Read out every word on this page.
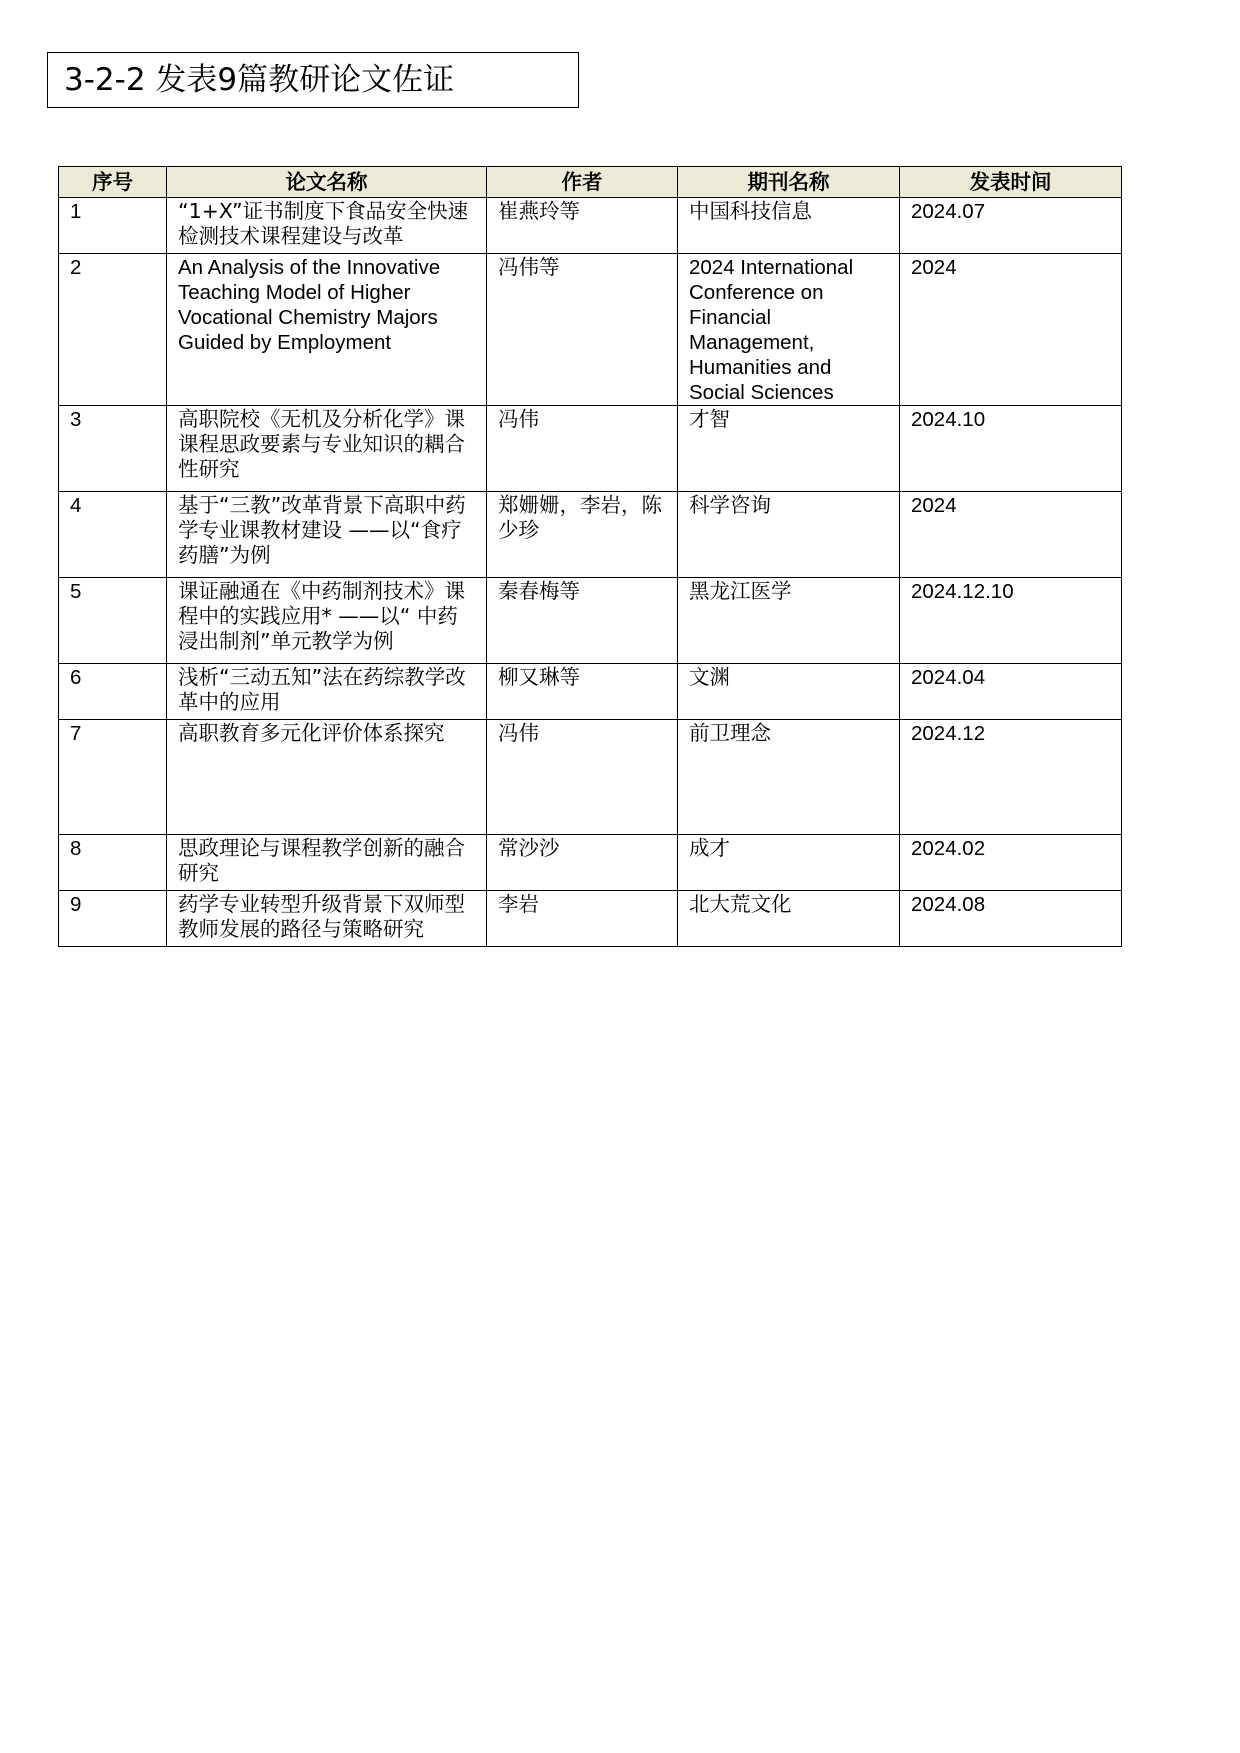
3-2-2 发表9篇教研论文佐证
序号	论文名称	作者	期刊名称	发表时间
1	“1+X”证书制度下食品安全快速检测技术课程建设与改革	崔燕玲等	中国科技信息	2024.07
2	An Analysis of the Innovative Teaching Model of Higher Vocational Chemistry Majors Guided by Employment	冯伟等	2024 International Conference on Financial Management, Humanities and Social Sciences	2024
3	高职院校《无机及分析化学》课课程思政要素与专业知识的耦合性研究	冯伟	才智	2024.10
4	基于“三教”改革背景下高职中药学专业课教材建设 ——以“食疗药膳”为例	郑姗姗，李岩，陈少珍	科学咨询	2024
5	课证融通在《中药制剂技术》课程中的实践应用* ——以“ 中药浸出制剂”单元教学为例	秦春梅等	黑龙江医学	2024.12.10
6	浅析“三动五知”法在药综教学改革中的应用	柳又琳等	文渊	2024.04
7	高职教育多元化评价体系探究	冯伟	前卫理念	2024.12
8	思政理论与课程教学创新的融合研究	常沙沙	成才	2024.02
9	药学专业转型升级背景下双师型教师发展的路径与策略研究	李岩	北大荒文化	2024.08
